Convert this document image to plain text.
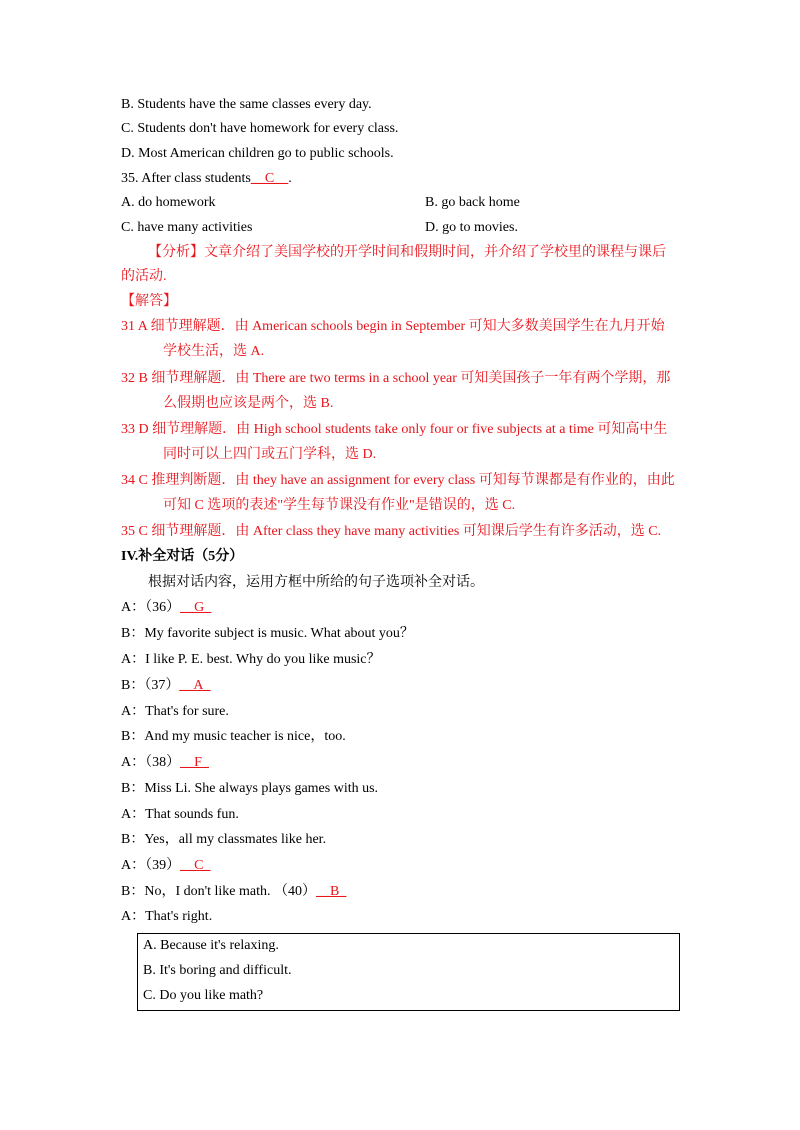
B. Students have the same classes every day.
C. Students don't have homework for every class.
D. Most American children go to public schools.
35. After class students__C__.
A. do homework	B. go back home
C. have many activities	D. go to movies.
【分析】文章介绍了美国学校的开学时间和假期时间，并介绍了学校里的课程与课后
的活动.
【解答】
31 A 细节理解题．由 American schools begin in September 可知大多数美国学生在九月开始
学校生活，选 A.
32 B 细节理解题．由 There are two terms in a school year 可知美国孩子一年有两个学期，那
么假期也应该是两个，选 B.
33 D 细节理解题．由 High school students take only four or five subjects at a time 可知高中生
同时可以上四门或五门学科，选 D.
34 C 推理判断题．由 they have an assignment for every class 可知每节课都是有作业的，由此
可知 C 选项的表述"学生每节课没有作业"是错误的，选 C.
35 C 细节理解题．由 After class they have many activities 可知课后学生有许多活动，选 C.
IV.补全对话（5分）
根据对话内容，运用方框中所给的句子选项补全对话。
A：（36）__G_
B：My favorite subject is music. What about you？
A：I like P. E. best. Why do you like music？
B：（37）__A_
A：That's for sure.
B：And my music teacher is nice，too.
A：（38）__F_
B：Miss Li. She always plays games with us.
A：That sounds fun.
B：Yes，all my classmates like her.
A：（39）__C_
B：No，I don't like math. （40）__B_
A：That's right.
A. Because it's relaxing.
B. It's boring and difficult.
C. Do you like math?
